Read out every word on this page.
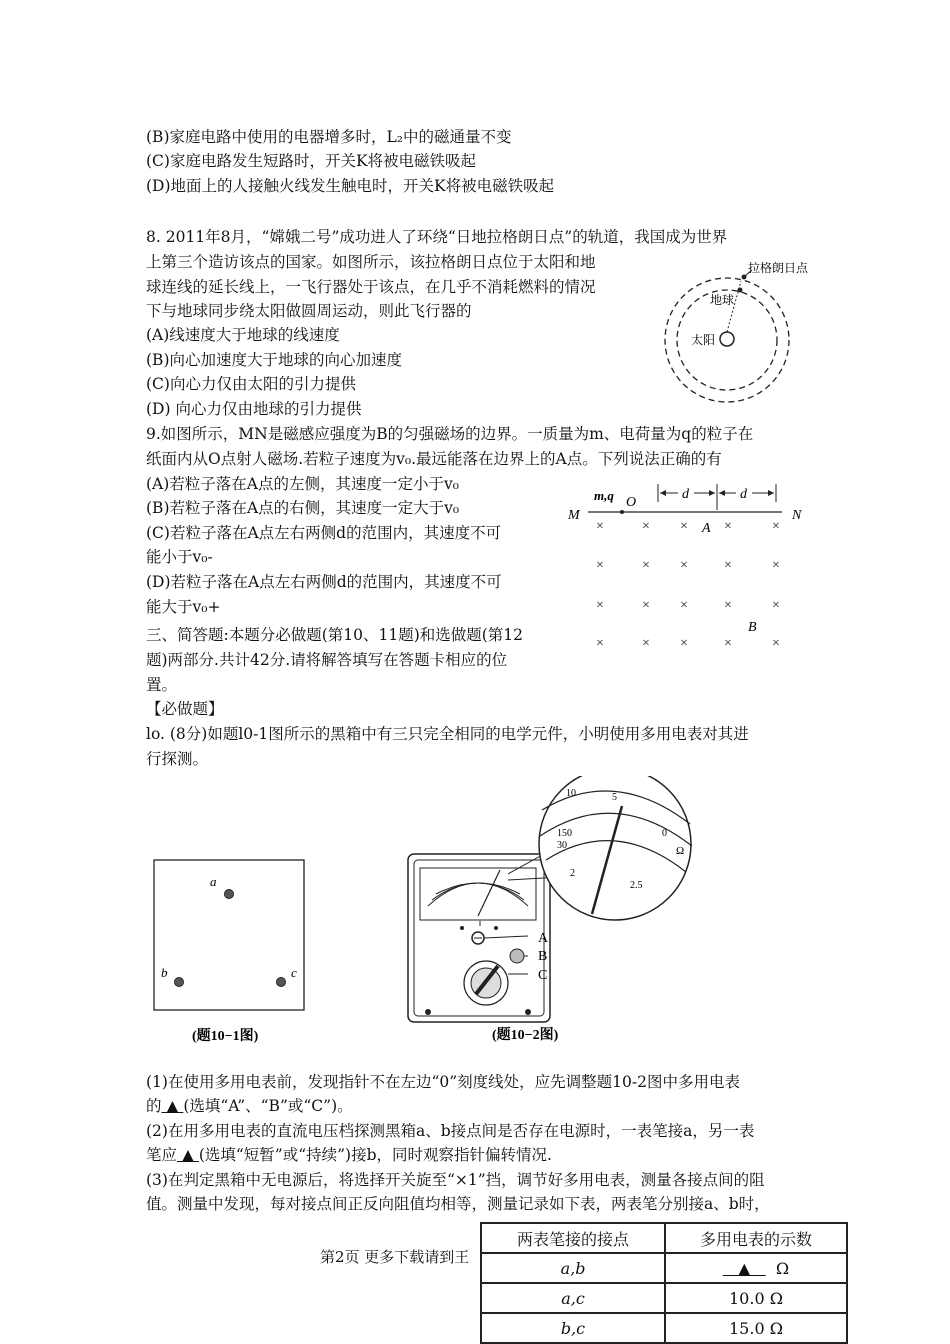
(B)家庭电路中使用的电器增多时，L₂中的磁通量不变
(C)家庭电路发生短路时，开关K将被电磁铁吸起
(D)地面上的人接触火线发生触电时，开关K将被电磁铁吸起
8. 2011年8月，“嫦娥二号”成功进人了环绕“日地拉格朗日点”的轨道，我国成为世界
上第三个造访该点的国家。如图所示，该拉格朗日点位于太阳和地
球连线的延长线上，一飞行器处于该点，在几乎不消耗燃料的情况
下与地球同步绕太阳做圆周运动，则此飞行器的
(A)线速度大于地球的线速度
(B)向心加速度大于地球的向心加速度
(C)向心力仅由太阳的引力提供
(D) 向心力仅由地球的引力提供
拉格朗日点
地球
太阳
9.如图所示，MN是磁感应强度为B的匀强磁场的边界。一质量为m、电荷量为q的粒子在
纸面内从O点射人磁场.若粒子速度为v₀.最远能落在边界上的A点。下列说法正确的有
(A)若粒子落在A点的左侧，其速度一定小于v₀
(B)若粒子落在A点的右侧，其速度一定大于v₀
(C)若粒子落在A点左右两侧d的范围内，其速度不可
能小于v₀-
(D)若粒子落在A点左右两侧d的范围内，其速度不可
能大于v₀+
M	N
m,q O
d	d
A
B
×	× ×	×	×
×	× ×	×	×
×	× ×	×	×
×	× ×	×	×
三、简答题:本题分必做题(第10、11题)和选做题(第12
题)两部分.共计42分.请将解答填写在答题卡相应的位
置。
【必做题】
lo. (8分)如题l0-1图所示的黑箱中有三只完全相同的电学元件，小明使用多用电表对其进
行探测。
a
b	c
(题10−1图)
A
B
C
10	5
0
150
30
2
2.5
Ω
(题10−2图)
(1)在使用多用电表前，发现指针不在左边“0”刻度线处，应先调整题10-2图中多用电表
的 ▲ (选填“A”、“B”或“C”)。
(2)在用多用电表的直流电压档探测黑箱a、b接点间是否存在电源时，一表笔接a，另一表
笔应 ▲ (选填“短暂”或“持续”)接b，同时观察指针偏转情况.
(3)在判定黑箱中无电源后，将选择开关旋至“×1”挡，调节好多用电表，测量各接点间的阻
值。测量中发现，每对接点间正反向阻值均相等，测量记录如下表，两表笔分别接a、b时，
第2页 更多下载请到王
两表笔接的接点	多用电表的示数
a,b	▲ Ω
a,c	10.0 Ω
b,c	15.0 Ω
